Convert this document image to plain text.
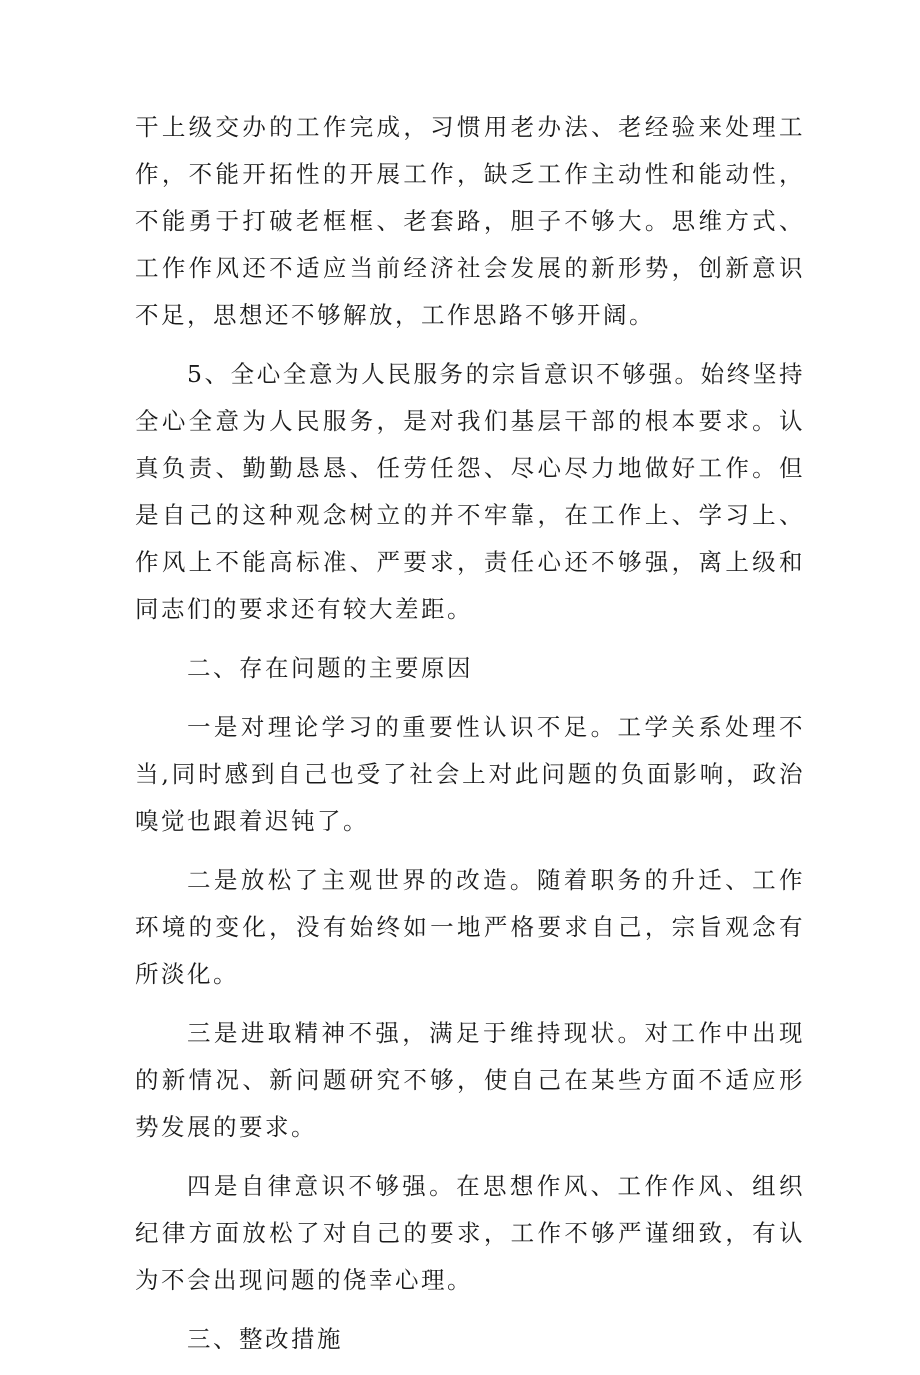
干上级交办的工作完成，习惯用老办法、老经验来处理工作，不能开拓性的开展工作，缺乏工作主动性和能动性，不能勇于打破老框框、老套路，胆子不够大。思维方式、工作作风还不适应当前经济社会发展的新形势，创新意识不足，思想还不够解放，工作思路不够开阔。

5、全心全意为人民服务的宗旨意识不够强。始终坚持全心全意为人民服务，是对我们基层干部的根本要求。认真负责、勤勤恳恳、任劳任怨、尽心尽力地做好工作。但是自己的这种观念树立的并不牢靠，在工作上、学习上、作风上不能高标准、严要求，责任心还不够强，离上级和同志们的要求还有较大差距。

二、存在问题的主要原因

一是对理论学习的重要性认识不足。工学关系处理不当,同时感到自己也受了社会上对此问题的负面影响，政治嗅觉也跟着迟钝了。

二是放松了主观世界的改造。随着职务的升迁、工作环境的变化，没有始终如一地严格要求自己，宗旨观念有所淡化。

三是进取精神不强，满足于维持现状。对工作中出现的新情况、新问题研究不够，使自己在某些方面不适应形势发展的要求。

四是自律意识不够强。在思想作风、工作作风、组织纪律方面放松了对自己的要求，工作不够严谨细致，有认为不会出现问题的侥幸心理。

三、整改措施
